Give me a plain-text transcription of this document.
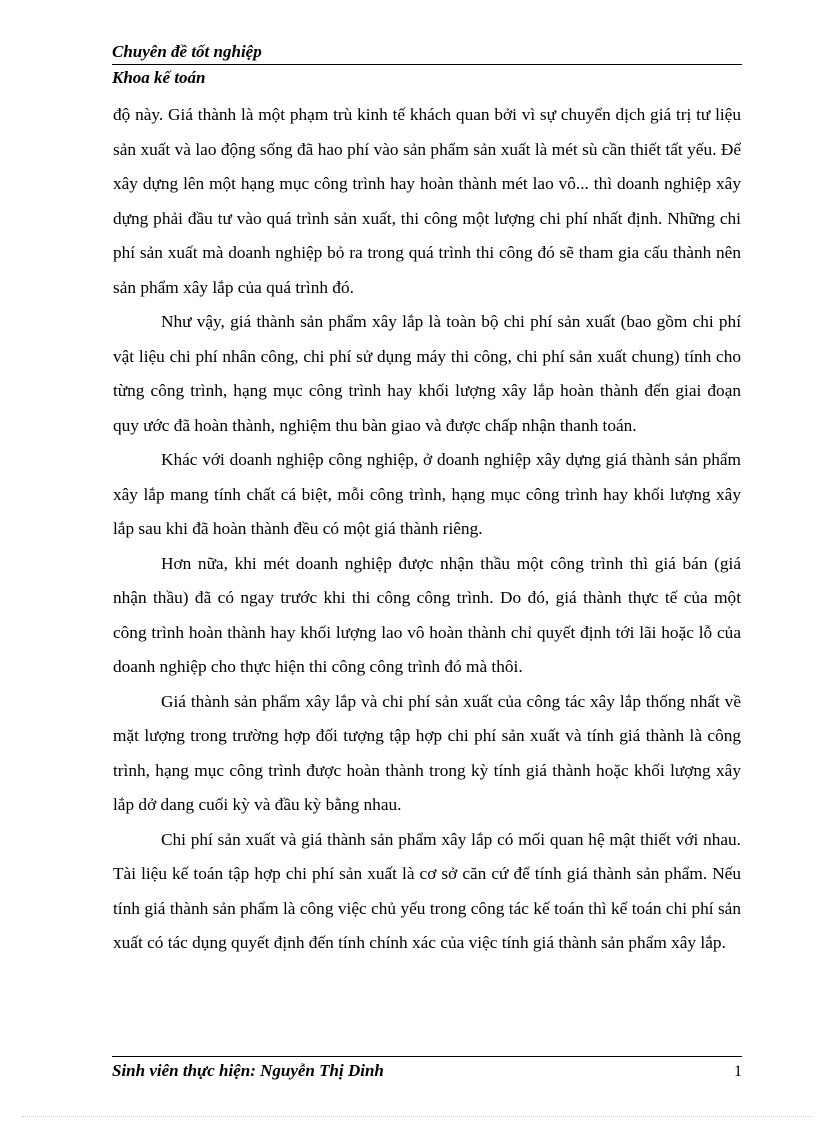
Chuyên đề tốt nghiệp
Khoa kế toán

độ này. Giá thành là một phạm trù kinh tế khách quan bởi vì sự chuyển dịch giá trị tư liệu sản xuất và lao động sống đã hao phí vào sản phẩm sản xuất là mét sù cần thiết tất yếu. Để xây dựng lên một hạng mục công trình hay hoàn thành mét lao vô... thì doanh nghiệp xây dựng phải đầu tư vào quá trình sản xuất, thi công một lượng chi phí nhất định. Những chi phí sản xuất mà doanh nghiệp bỏ ra trong quá trình thi công đó sẽ tham gia cấu thành nên sản phẩm xây lắp của quá trình đó.

Như vậy, giá thành sản phẩm xây lắp là toàn bộ chi phí sản xuất (bao gồm chi phí vật liệu chi phí nhân công, chi phí sử dụng máy thi công, chi phí sản xuất chung) tính cho từng công trình, hạng mục công trình hay khối lượng xây lắp hoàn thành đến giai đoạn quy ước đã hoàn thành, nghiệm thu bàn giao và được chấp nhận thanh toán.

Khác với doanh nghiệp công nghiệp, ở doanh nghiệp xây dựng giá thành sản phẩm xây lắp mang tính chất cá biệt, mỗi công trình, hạng mục công trình hay khối lượng xây lắp sau khi đã hoàn thành đều có một giá thành riêng.

Hơn nữa, khi mét doanh nghiệp được nhận thầu một công trình thì giá bán (giá nhận thầu) đã có ngay trước khi thi công công trình. Do đó, giá thành thực tế của một công trình hoàn thành hay khối lượng lao vô hoàn thành chỉ quyết định tới lãi hoặc lỗ của doanh nghiệp cho thực hiện thi công công trình đó mà thôi.

Giá thành sản phẩm xây lắp và chi phí sản xuất của công tác xây lắp thống nhất về mặt lượng trong trường hợp đối tượng tập hợp chi phí sản xuất và tính giá thành là công trình, hạng mục công trình được hoàn thành trong kỳ tính giá thành hoặc khối lượng xây lắp dở dang cuối kỳ và đầu kỳ bằng nhau.

Chi phí sản xuất và giá thành sản phẩm xây lắp có mối quan hệ mật thiết với nhau. Tài liệu kế toán tập hợp chi phí sản xuất là cơ sở căn cứ để tính giá thành sản phẩm. Nếu tính giá thành sản phẩm là công việc chủ yếu trong công tác kế toán thì kế toán chi phí sản xuất có tác dụng quyết định đến tính chính xác của việc tính giá thành sản phẩm xây lắp.

Sinh viên thực hiện: Nguyễn Thị Dinh	1
